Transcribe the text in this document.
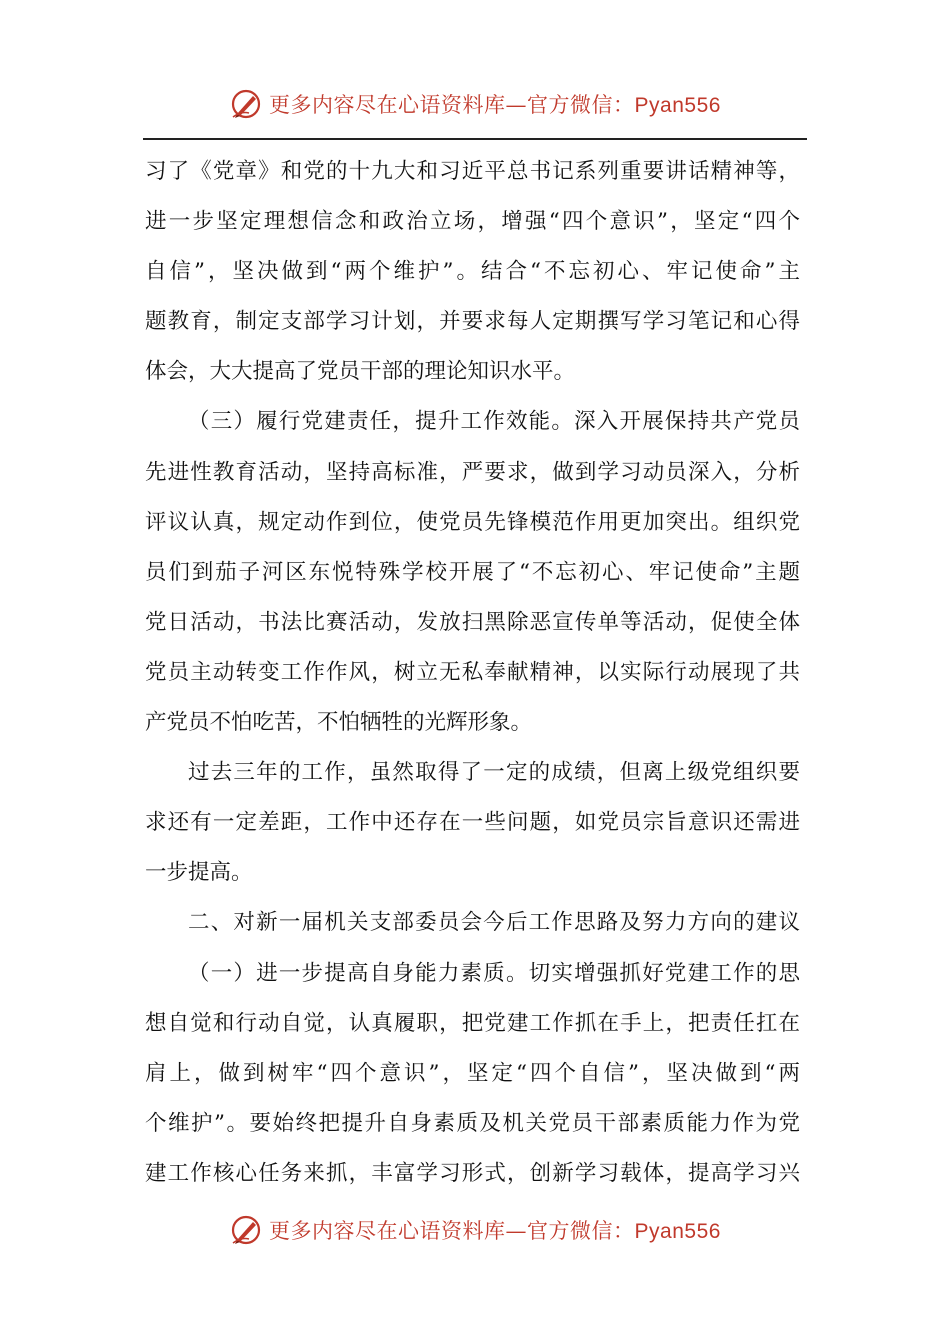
更多内容尽在心语资料库—官方微信：Pyan556
习了《党章》和党的十九大和习近平总书记系列重要讲话精神等，
进一步坚定理想信念和政治立场，增强“四个意识”，坚定“四个
自信”，坚决做到“两个维护”。结合“不忘初心、牢记使命”主
题教育，制定支部学习计划，并要求每人定期撰写学习笔记和心得
体会，大大提高了党员干部的理论知识水平。
（三）履行党建责任，提升工作效能。深入开展保持共产党员
先进性教育活动，坚持高标准，严要求，做到学习动员深入，分析
评议认真，规定动作到位，使党员先锋模范作用更加突出。组织党
员们到茄子河区东悦特殊学校开展了“不忘初心、牢记使命”主题
党日活动，书法比赛活动，发放扫黑除恶宣传单等活动，促使全体
党员主动转变工作作风，树立无私奉献精神，以实际行动展现了共
产党员不怕吃苦，不怕牺牲的光辉形象。
过去三年的工作，虽然取得了一定的成绩，但离上级党组织要
求还有一定差距，工作中还存在一些问题，如党员宗旨意识还需进
一步提高。
二、对新一届机关支部委员会今后工作思路及努力方向的建议
（一）进一步提高自身能力素质。切实增强抓好党建工作的思
想自觉和行动自觉，认真履职，把党建工作抓在手上，把责任扛在
肩上，做到树牢“四个意识”，坚定“四个自信”，坚决做到“两
个维护”。要始终把提升自身素质及机关党员干部素质能力作为党
建工作核心任务来抓，丰富学习形式，创新学习载体，提高学习兴
更多内容尽在心语资料库—官方微信：Pyan556
